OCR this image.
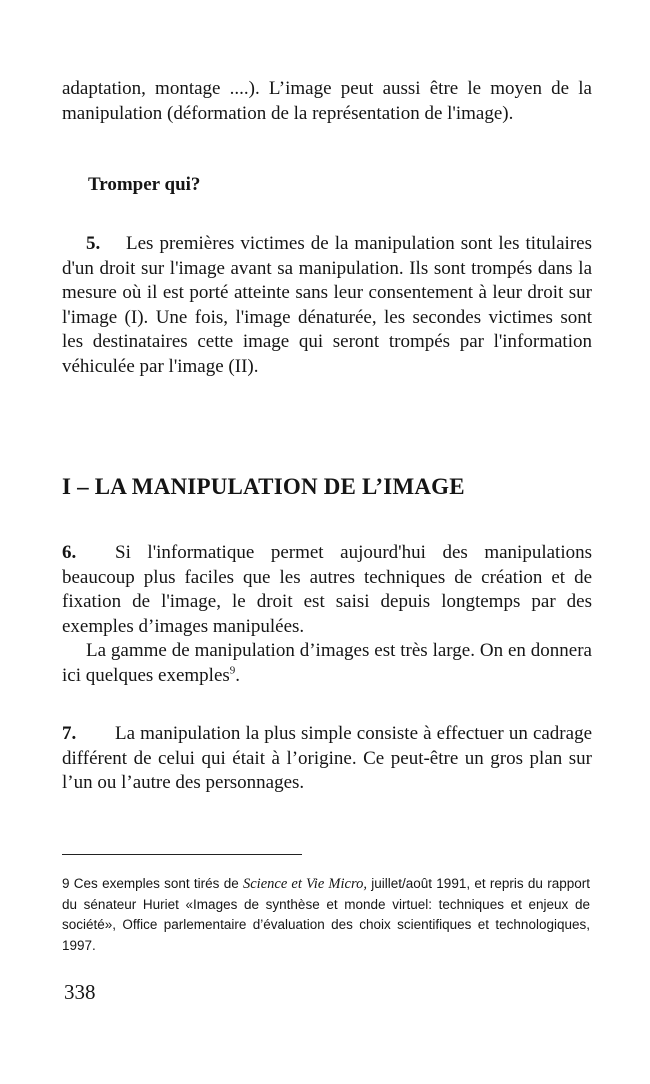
adaptation, montage ....). L’image peut aussi être le moyen de la manipulation (déformation de la représentation de l'image).

Tromper qui?

5. Les premières victimes de la manipulation sont les titulaires d'un droit sur l'image avant sa manipulation. Ils sont trompés dans la mesure où il est porté atteinte sans leur consentement à leur droit sur l'image (I). Une fois, l'image dénaturée, les secondes victimes sont les destinataires cette image qui seront trompés par l'information véhiculée par l'image (II).

I – LA MANIPULATION DE L’IMAGE

6. Si l'informatique permet aujourd'hui des manipulations beaucoup plus faciles que les autres techniques de création et de fixation de l'image, le droit est saisi depuis longtemps par des exemples d’images manipulées.

La gamme de manipulation d’images est très large. On en donnera ici quelques exemples$^9$.

7. La manipulation la plus simple consiste à effectuer un cadrage différent de celui qui était à l’origine. Ce peut-être un gros plan sur l’un ou l’autre des personnages.

9 Ces exemples sont tirés de Science et Vie Micro, juillet/août 1991, et repris du rapport du sénateur Huriet «Images de synthèse et monde virtuel: techniques et enjeux de société», Office parlementaire d’évaluation des choix scientifiques et technologiques, 1997.

338
